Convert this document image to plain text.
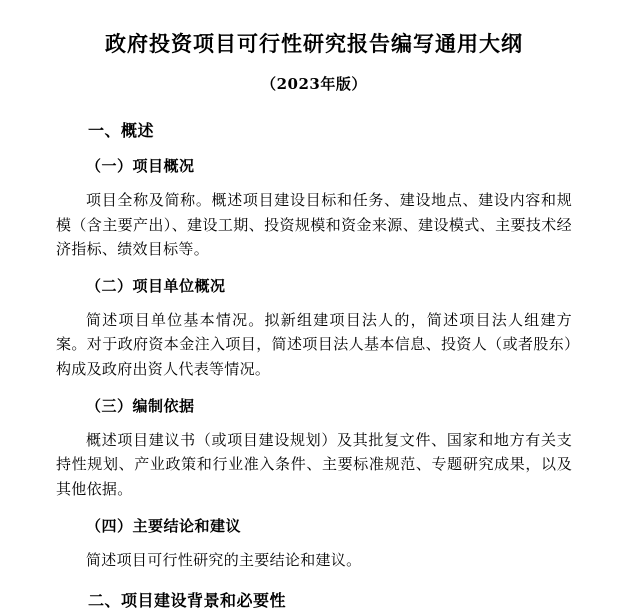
政府投资项目可行性研究报告编写通用大纲
（2023年版）
一、概述
（一）项目概况

项目全称及简称。概述项目建设目标和任务、建设地点、建设内容和规模（含主要产出）、建设工期、投资规模和资金来源、建设模式、主要技术经济指标、绩效目标等。

（二）项目单位概况

简述项目单位基本情况。拟新组建项目法人的，简述项目法人组建方案。对于政府资本金注入项目，简述项目法人基本信息、投资人（或者股东）构成及政府出资人代表等情况。

（三）编制依据

概述项目建议书（或项目建设规划）及其批复文件、国家和地方有关支持性规划、产业政策和行业准入条件、主要标准规范、专题研究成果，以及其他依据。

（四）主要结论和建议

简述项目可行性研究的主要结论和建议。

二、项目建设背景和必要性
